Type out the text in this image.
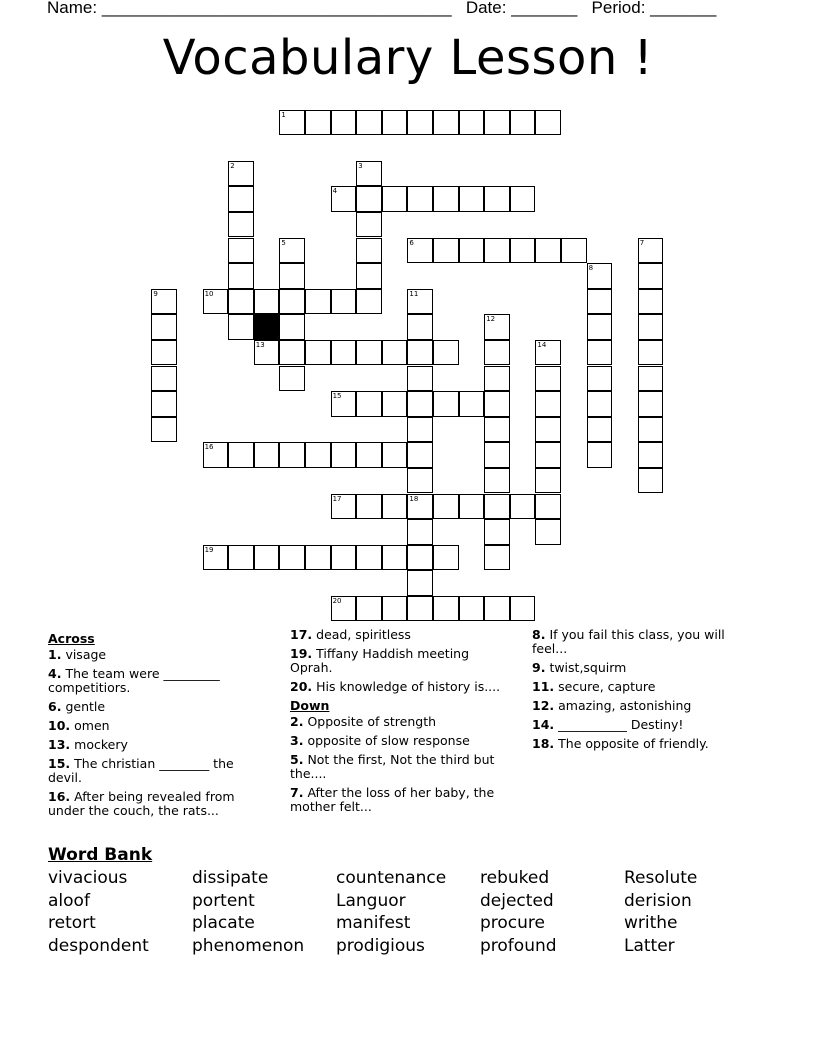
Name: _____________________________________ Date: _______ Period: _______
Vocabulary Lesson !
1
4
6
10
13
15
16
17	18
19
20
2	3
5	7
8
9	11
12
14
Across
1. visage
4. The team were _________ competitiors.
6. gentle
10. omen
13. mockery
15. The christian ________ the devil.
16. After being revealed from under the couch, the rats...
17. dead, spiritless
19. Tiffany Haddish meeting Oprah.
20. His knowledge of history is....
Down
2. Opposite of strength
3. opposite of slow response
5. Not the first, Not the third but the....
7. After the loss of her baby, the mother felt...
8. If you fail this class, you will feel...
9. twist,squirm
11. secure, capture
12. amazing, astonishing
14. ___________ Destiny!
18. The opposite of friendly.
Word Bank
vivacious	dissipate	countenance	rebuked	Resolute
aloof	portent	Languor	dejected	derision
retort	placate	manifest	procure	writhe
despondent	phenomenon	prodigious	profound	Latter
